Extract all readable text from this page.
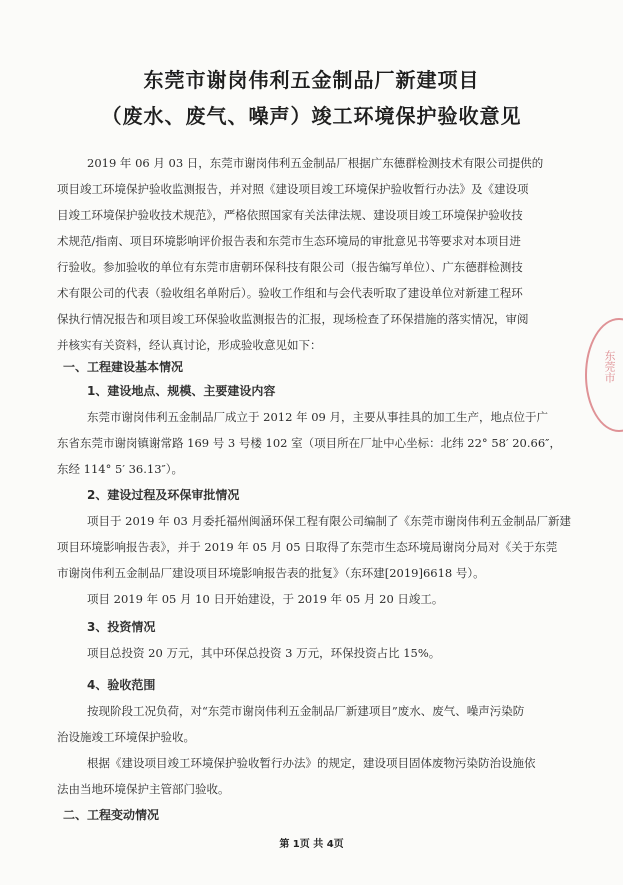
东莞市谢岗伟利五金制品厂新建项目
（废水、废气、噪声）竣工环境保护验收意见
2019 年 06 月 03 日，东莞市谢岗伟利五金制品厂根据广东德群检测技术有限公司提供的
项目竣工环境保护验收监测报告，并对照《建设项目竣工环境保护验收暂行办法》及《建设项
目竣工环境保护验收技术规范》，严格依照国家有关法律法规、建设项目竣工环境保护验收技
术规范/指南、项目环境影响评价报告表和东莞市生态环境局的审批意见书等要求对本项目进
行验收。参加验收的单位有东莞市唐朝环保科技有限公司（报告编写单位）、广东德群检测技
术有限公司的代表（验收组名单附后）。验收工作组和与会代表听取了建设单位对新建工程环
保执行情况报告和项目竣工环保验收监测报告的汇报，现场检查了环保措施的落实情况，审阅
并核实有关资料，经认真讨论，形成验收意见如下：
一、工程建设基本情况
1、建设地点、规模、主要建设内容
东莞市谢岗伟利五金制品厂成立于 2012 年 09 月，主要从事挂具的加工生产，地点位于广
东省东莞市谢岗镇谢常路 169 号 3 号楼 102 室（项目所在厂址中心坐标：北纬 22° 58′ 20.66″，
东经 114° 5′ 36.13″）。
2、建设过程及环保审批情况
项目于 2019 年 03 月委托福州闽涵环保工程有限公司编制了《东莞市谢岗伟利五金制品厂新建
项目环境影响报告表》，并于 2019 年 05 月 05 日取得了东莞市生态环境局谢岗分局对《关于东莞
市谢岗伟利五金制品厂建设项目环境影响报告表的批复》（东环建[2019]6618 号）。
项目 2019 年 05 月 10 日开始建设，于 2019 年 05 月 20 日竣工。
3、投资情况
项目总投资 20 万元，其中环保总投资 3 万元，环保投资占比 15%。
4、验收范围
按现阶段工况负荷，对“东莞市谢岗伟利五金制品厂新建项目”废水、废气、噪声污染防
治设施竣工环境保护验收。
根据《建设项目竣工环境保护验收暂行办法》的规定，建设项目固体废物污染防治设施依
法由当地环境保护主管部门验收。
二、工程变动情况
东莞市
第 1页 共 4页
